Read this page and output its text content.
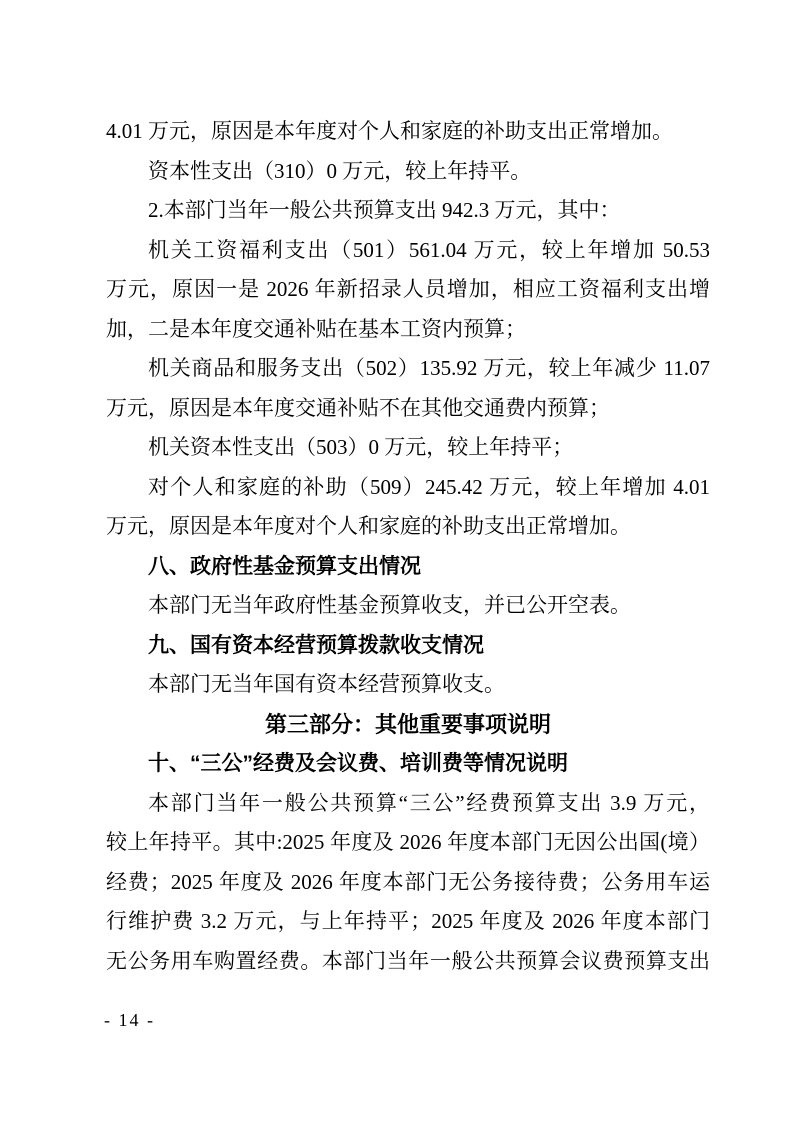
4.01 万元，原因是本年度对个人和家庭的补助支出正常增加。
资本性支出（310）0 万元，较上年持平。
2.本部门当年一般公共预算支出 942.3 万元，其中：
机关工资福利支出（501）561.04 万元，较上年增加 50.53
万元，原因一是 2026 年新招录人员增加，相应工资福利支出增
加，二是本年度交通补贴在基本工资内预算；
机关商品和服务支出（502）135.92 万元，较上年减少 11.07
万元，原因是本年度交通补贴不在其他交通费内预算；
机关资本性支出（503）0 万元，较上年持平；
对个人和家庭的补助（509）245.42 万元，较上年增加 4.01
万元，原因是本年度对个人和家庭的补助支出正常增加。
八、政府性基金预算支出情况
本部门无当年政府性基金预算收支，并已公开空表。
九、国有资本经营预算拨款收支情况
本部门无当年国有资本经营预算收支。
第三部分：其他重要事项说明
十、“三公”经费及会议费、培训费等情况说明
本部门当年一般公共预算“三公”经费预算支出 3.9 万元，
较上年持平。其中:2025 年度及 2026 年度本部门无因公出国(境）
经费；2025 年度及 2026 年度本部门无公务接待费；公务用车运
行维护费 3.2 万元，与上年持平；2025 年度及 2026 年度本部门
无公务用车购置经费。本部门当年一般公共预算会议费预算支出
- 14 -
